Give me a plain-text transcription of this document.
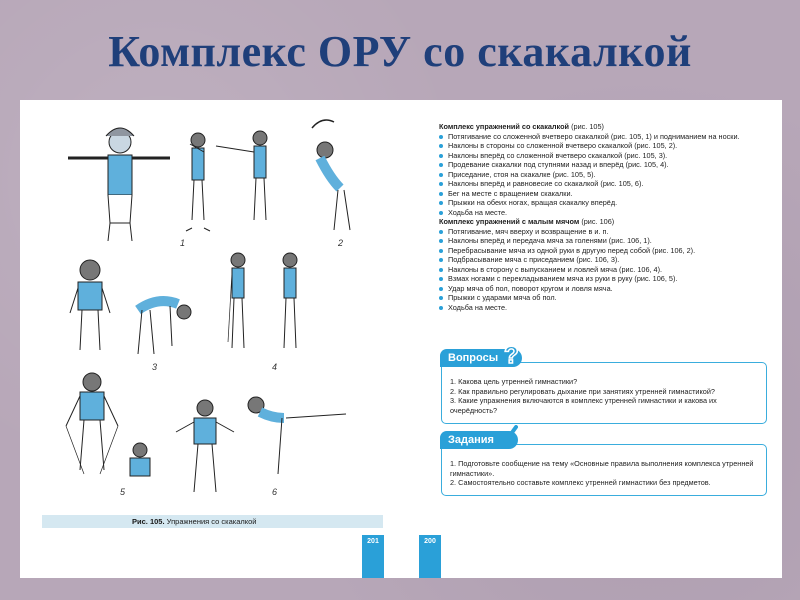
Комплекс ОРУ со скакалкой
1	2
3	4
5	6
Рис. 105. Упражнения со скакалкой
201
Комплекс упражнений со скакалкой (рис. 105)
Потягивание со сложенной вчетверо скакалкой (рис. 105, 1) и подниманием на носки.
Наклоны в стороны со сложенной вчетверо скакалкой (рис. 105, 2).
Наклоны вперёд со сложенной вчетверо скакалкой (рис. 105, 3).
Продевание скакалки под ступнями назад и вперёд (рис. 105, 4).
Приседание, стоя на скакалке (рис. 105, 5).
Наклоны вперёд и равновесие со скакалкой (рис. 105, 6).
Бег на месте с вращением скакалки.
Прыжки на обеих ногах, вращая скакалку вперёд.
Ходьба на месте.
Комплекс упражнений с малым мячом (рис. 106)
Потягивание, мяч вверху и возвращение в и. п.
Наклоны вперёд и передача мяча за голенями (рис. 106, 1).
Перебрасывание мяча из одной руки в другую перед собой (рис. 106, 2).
Подбрасывание мяча с приседанием (рис. 106, 3).
Наклоны в сторону с выпусканием и ловлей мяча (рис. 106, 4).
Взмах ногами с перекладыванием мяча из руки в руку (рис. 106, 5).
Удар мяча об пол, поворот кругом и ловля мяча.
Прыжки с ударами мяча об пол.
Ходьба на месте.
Вопросы ?
1. Какова цель утренней гимнастики?
2. Как правильно регулировать дыхание при занятиях утренней гимнастикой?
3. Какие упражнения включаются в комплекс утренней гимнастики и какова их очерёдность?
Задания
1. Подготовьте сообщение на тему «Основные правила выполнения комплекса утренней гимнастики».
2. Самостоятельно составьте комплекс утренней гимнастики без предметов.
200
